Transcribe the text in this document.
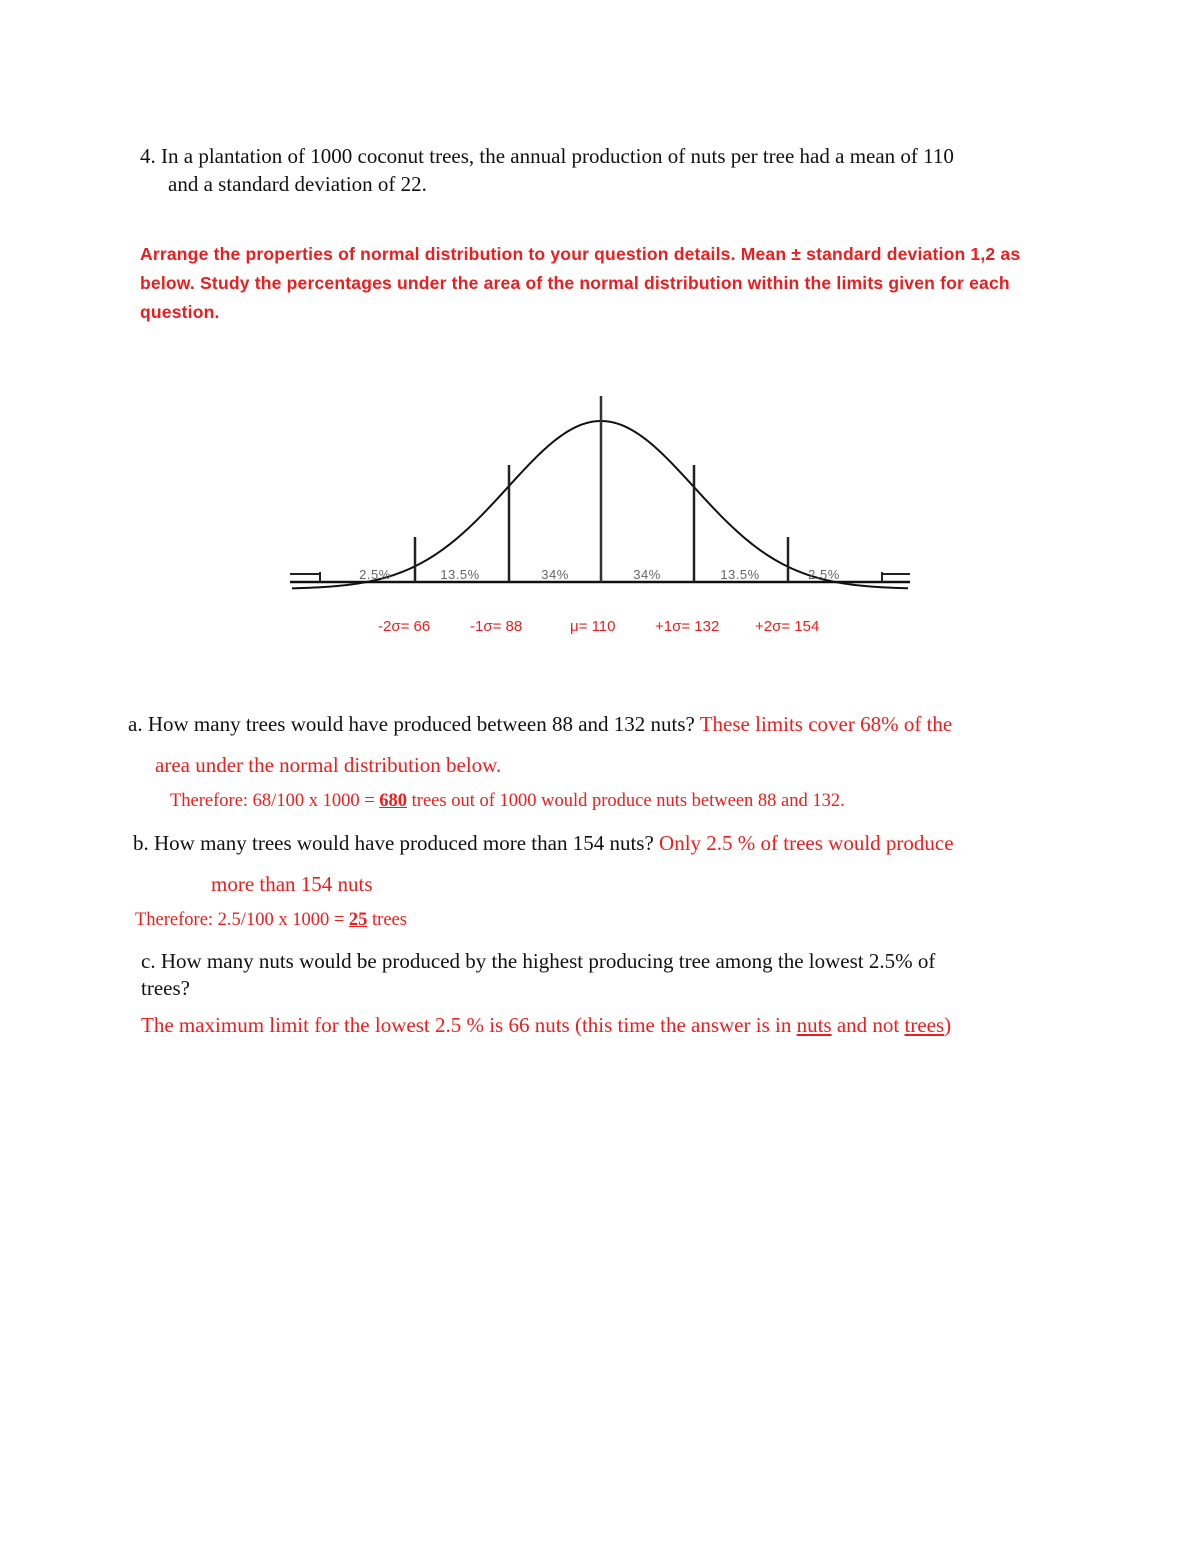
4. In a plantation of 1000 coconut trees, the annual production of nuts per tree had a mean of 110

and a standard deviation of 22.

Arrange the properties of normal distribution to your question details. Mean ± standard deviation 1,2 as

below. Study the percentages under the area of the normal distribution within the limits given for each

question.

2.5%	13.5%	34%	34%	13.5%	2.5%
-2σ= 66	-1σ= 88	μ= 110	+1σ= 132 +2σ= 154

a. How many trees would have produced between 88 and 132 nuts? These limits cover 68% of the

area under the normal distribution below.

Therefore: 68/100 x 1000 = 680 trees out of 1000 would produce nuts between 88 and 132.

b. How many trees would have produced more than 154 nuts? Only 2.5 % of trees would produce

more than 154 nuts

Therefore: 2.5/100 x 1000 = 25 trees

c. How many nuts would be produced by the highest producing tree among the lowest 2.5% of

trees?

The maximum limit for the lowest 2.5 % is 66 nuts (this time the answer is in nuts and not trees)
